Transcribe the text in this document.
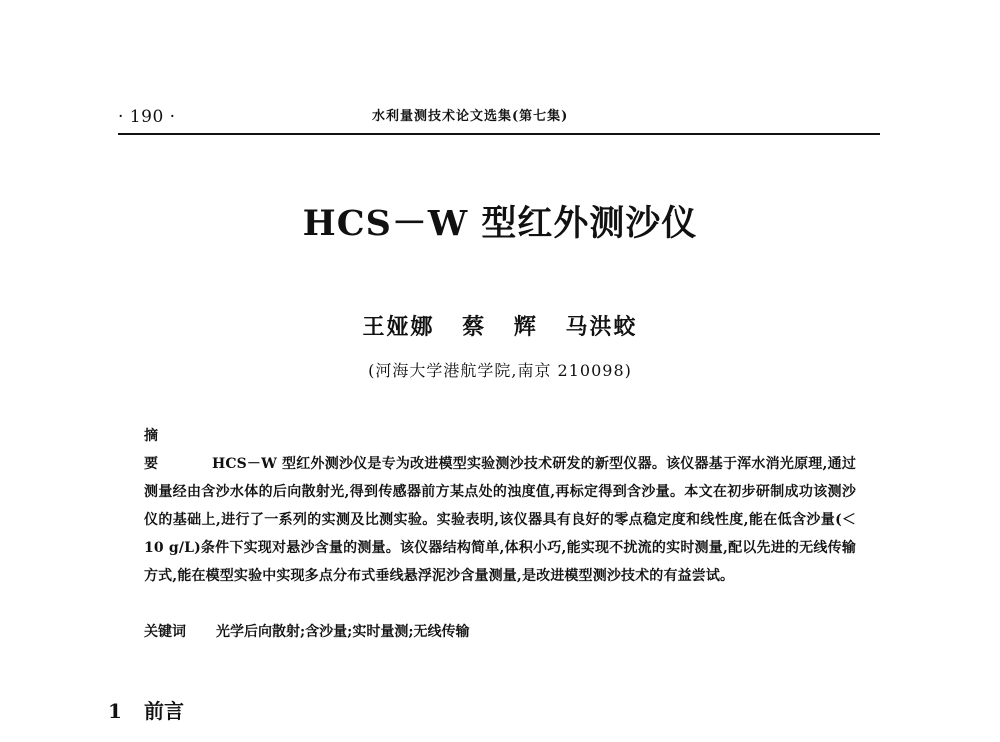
· 190 ·	水利量测技术论文选集(第七集)
HCS－W 型红外测沙仪
王娅娜 蔡 辉 马洪蛟
(河海大学港航学院,南京 210098)
摘 要	HCS－W 型红外测沙仪是专为改进模型实验测沙技术研发的新型仪器。该仪器基于浑水消光原理,通过测量经由含沙水体的后向散射光,得到传感器前方某点处的浊度值,再标定得到含沙量。本文在初步研制成功该测沙仪的基础上,进行了一系列的实测及比测实验。实验表明,该仪器具有良好的零点稳定度和线性度,能在低含沙量(＜10 g/L)条件下实现对悬沙含量的测量。该仪器结构简单,体积小巧,能实现不扰流的实时测量,配以先进的无线传输方式,能在模型实验中实现多点分布式垂线悬浮泥沙含量测量,是改进模型测沙技术的有益尝试。
关键词 光学后向散射;含沙量;实时量测;无线传输
1 前言
